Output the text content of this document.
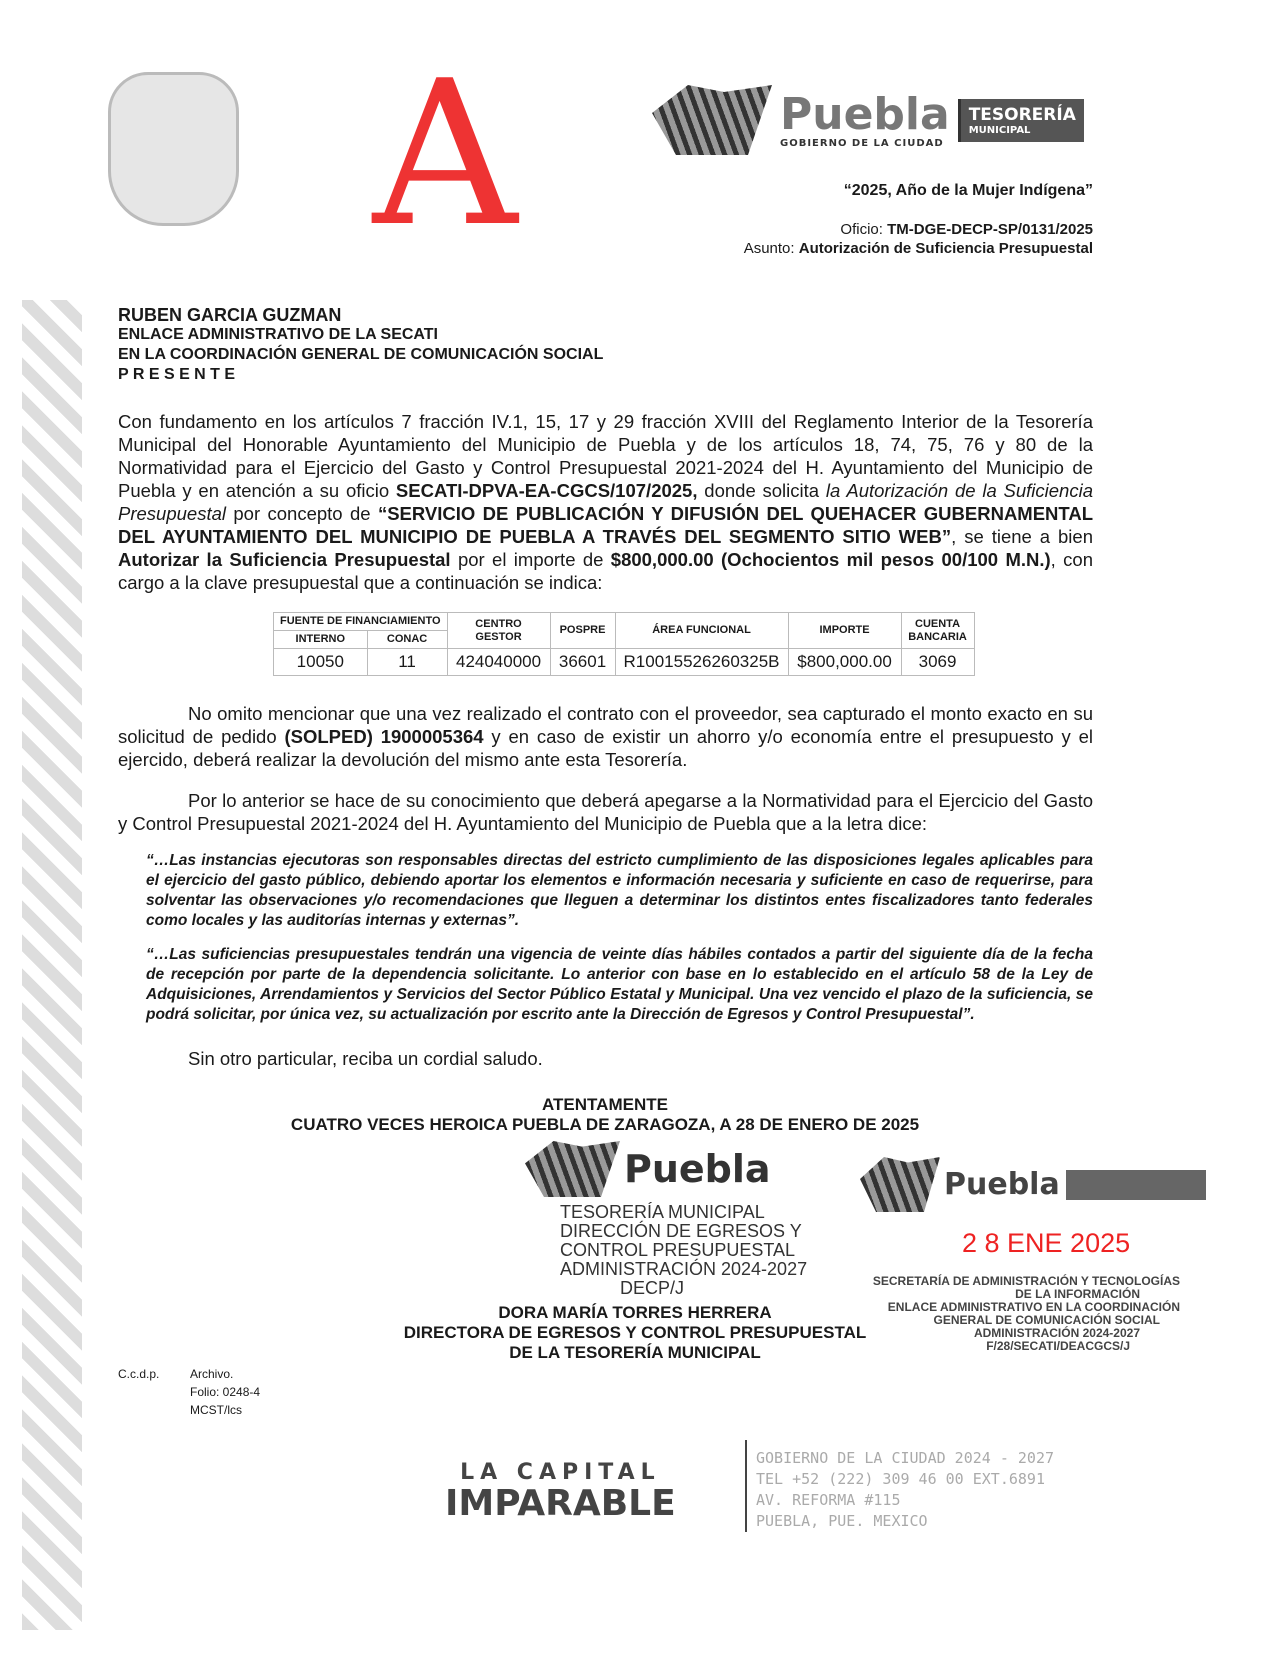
A	Puebla
GOBIERNO DE LA CIUDAD
TESORERÍA
MUNICIPAL
“2025, Año de la Mujer Indígena”
Oficio: TM-DGE-DECP-SP/0131/2025
Asunto: Autorización de Suficiencia Presupuestal
RUBEN GARCIA GUZMAN
ENLACE ADMINISTRATIVO DE LA SECATI
EN LA COORDINACIÓN GENERAL DE COMUNICACIÓN SOCIAL
P R E S E N T E
Con fundamento en los artículos 7 fracción IV.1, 15, 17 y 29 fracción XVIII del Reglamento Interior de la Tesorería Municipal del Honorable Ayuntamiento del Municipio de Puebla y de los artículos 18, 74, 75, 76 y 80 de la Normatividad para el Ejercicio del Gasto y Control Presupuestal 2021-2024 del H. Ayuntamiento del Municipio de Puebla y en atención a su oficio SECATI-DPVA-EA-CGCS/107/2025, donde solicita la Autorización de la Suficiencia Presupuestal por concepto de “SERVICIO DE PUBLICACIÓN Y DIFUSIÓN DEL QUEHACER GUBERNAMENTAL DEL AYUNTAMIENTO DEL MUNICIPIO DE PUEBLA A TRAVÉS DEL SEGMENTO SITIO WEB”, se tiene a bien Autorizar la Suficiencia Presupuestal por el importe de $800,000.00 (Ochocientos mil pesos 00/100 M.N.), con cargo a la clave presupuestal que a continuación se indica:
FUENTE DE FINANCIAMIENTO		CENTRO GESTOR	POSPRE	ÁREA FUNCIONAL	IMPORTE	CUENTA BANCARIA
INTERNO	CONAC					
10050	11	424040000	36601	R10015526260325B	$800,000.00	3069
No omito mencionar que una vez realizado el contrato con el proveedor, sea capturado el monto exacto en su solicitud de pedido (SOLPED) 1900005364 y en caso de existir un ahorro y/o economía entre el presupuesto y el ejercido, deberá realizar la devolución del mismo ante esta Tesorería.
Por lo anterior se hace de su conocimiento que deberá apegarse a la Normatividad para el Ejercicio del Gasto y Control Presupuestal 2021-2024 del H. Ayuntamiento del Municipio de Puebla que a la letra dice:
“…Las instancias ejecutoras son responsables directas del estricto cumplimiento de las disposiciones legales aplicables para el ejercicio del gasto público, debiendo aportar los elementos e información necesaria y suficiente en caso de requerirse, para solventar las observaciones y/o recomendaciones que lleguen a determinar los distintos entes fiscalizadores tanto federales como locales y las auditorías internas y externas”.
“…Las suficiencias presupuestales tendrán una vigencia de veinte días hábiles contados a partir del siguiente día de la fecha de recepción por parte de la dependencia solicitante. Lo anterior con base en lo establecido en el artículo 58 de la Ley de Adquisiciones, Arrendamientos y Servicios del Sector Público Estatal y Municipal. Una vez vencido el plazo de la suficiencia, se podrá solicitar, por única vez, su actualización por escrito ante la Dirección de Egresos y Control Presupuestal”.
Sin otro particular, reciba un cordial saludo.
ATENTAMENTE
CUATRO VECES HEROICA PUEBLA DE ZARAGOZA, A 28 DE ENERO DE 2025
Puebla
TESORERÍA MUNICIPAL
DIRECCIÓN DE EGRESOS Y
CONTROL PRESUPUESTAL
ADMINISTRACIÓN 2024-2027
DECP/J
DORA MARÍA TORRES HERRERA
DIRECTORA DE EGRESOS Y CONTROL PRESUPUESTAL
DE LA TESORERÍA MUNICIPAL
Puebla
2 8 ENE 2025
SECRETARÍA DE ADMINISTRACIÓN Y TECNOLOGÍAS
DE LA INFORMACIÓN
ENLACE ADMINISTRATIVO EN LA COORDINACIÓN
GENERAL DE COMUNICACIÓN SOCIAL
ADMINISTRACIÓN 2024-2027
F/28/SECATI/DEACGCS/J
C.c.d.p.	Archivo.
Folio: 0248-4
MCST/lcs
LA CAPITAL
IMPARABLE
GOBIERNO DE LA CIUDAD 2024 - 2027
TEL +52 (222) 309 46 00 EXT.6891
AV. REFORMA #115
PUEBLA, PUE. MEXICO
